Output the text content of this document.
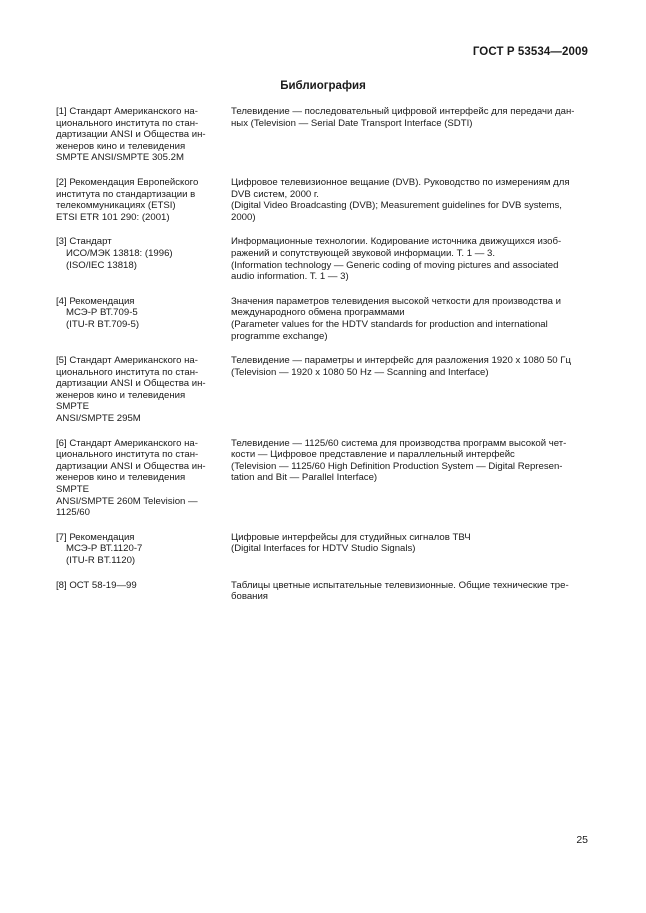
ГОСТ Р 53534—2009
Библиография
[1] Стандарт Американского на-
ционального института по стан-
дартизации ANSI и Общества ин-
женеров кино и телевидения
SMPTE ANSI/SMPTE 305.2M
Телевидение — последовательный цифровой интерфейс для передачи дан-
ных (Television — Serial Date Transport Interface (SDTI)
[2] Рекомендация Европейского
института по стандартизации в
телекоммуникациях (ETSI)
ETSI ETR 101 290: (2001)
Цифровое телевизионное вещание (DVB). Руководство по измерениям для
DVB систем, 2000 г.
(Digital Video Broadcasting (DVB); Measurement guidelines for DVB systems,
2000)
[3] Стандарт
ИСО/МЭК 13818: (1996)
(ISO/IEC 13818)
Информационные технологии. Кодирование источника движущихся изоб-
ражений и сопутствующей звуковой информации. Т. 1 — 3.
(Information technology — Generic coding of moving pictures and associated
audio information. T. 1 — 3)
[4] Рекомендация
МСЭ-Р ВТ.709-5
(ITU-R BT.709-5)
Значения параметров телевидения высокой четкости для производства и
международного обмена программами
(Parameter values for the HDTV standards for production and international
programme exchange)
[5] Стандарт Американского на-
ционального института по стан-
дартизации ANSI и Общества ин-
женеров кино и телевидения
SMPTE
ANSI/SMPTE 295M
Телевидение — параметры и интерфейс для разложения 1920 х 1080 50 Гц
(Television — 1920 x 1080 50 Hz — Scanning and Interface)
[6] Стандарт Американского на-
ционального института по стан-
дартизации ANSI и Общества ин-
женеров кино и телевидения
SMPTE
ANSI/SMPTE 260M Television —
1125/60
Телевидение — 1125/60 система для производства программ высокой чет-
кости — Цифровое представление и параллельный интерфейс
(Television — 1125/60 High Definition Production System — Digital Represen-
tation and Bit — Parallel Interface)
[7] Рекомендация
МСЭ-Р ВТ.1120-7
(ITU-R BT.1120)
Цифровые интерфейсы для студийных сигналов ТВЧ
(Digital Interfaces for HDTV Studio Signals)
[8] ОСТ 58-19—99	Таблицы цветные испытательные телевизионные. Общие технические тре-
бования
25
